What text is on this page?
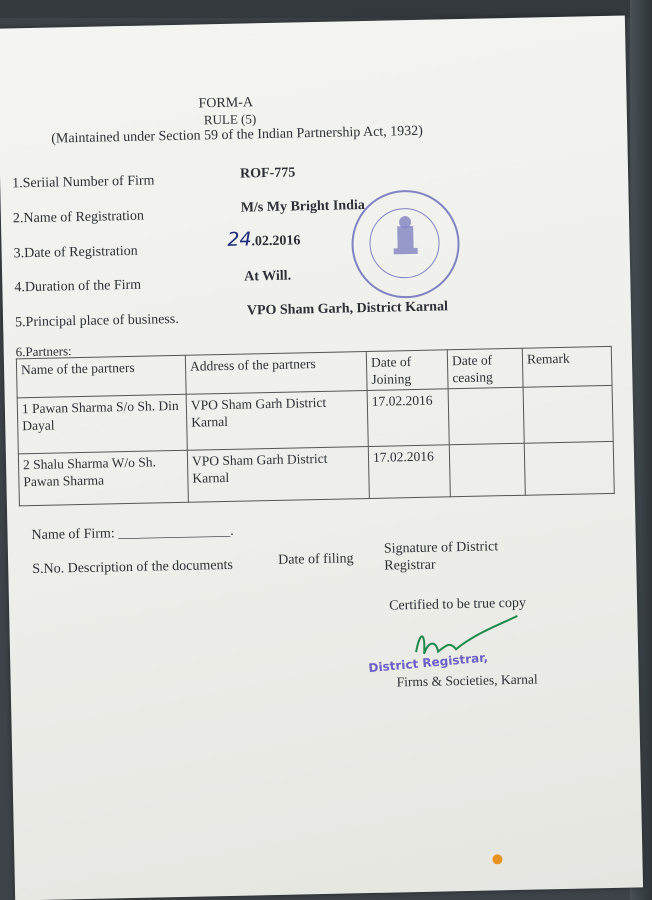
FORM-A
RULE (5)
(Maintained under Section 59 of the Indian Partnership Act, 1932)
1.Seriial Number of Firm	ROF-775
2.Name of Registration
M/s My Bright India
3.Date of Registration
24 .02.2016
4.Duration of the Firm
At Will.
5.Principal place of business.
VPO Sham Garh, District Karnal
6.Partners:
Name of the partners	Address of the partners	Date of Joining	Date of ceasing	Remark
1 Pawan Sharma S/o Sh. Din Dayal	VPO Sham Garh District Karnal	17.02.2016		
2 Shalu Sharma W/o Sh. Pawan Sharma	VPO Sham Garh District Karnal	17.02.2016		
Name of Firm: ________________.
S.No. Description of the documents	Date of filing
Signature of District Registrar
Certified to be true copy
District Registrar,
Firms & Societies, Karnal
